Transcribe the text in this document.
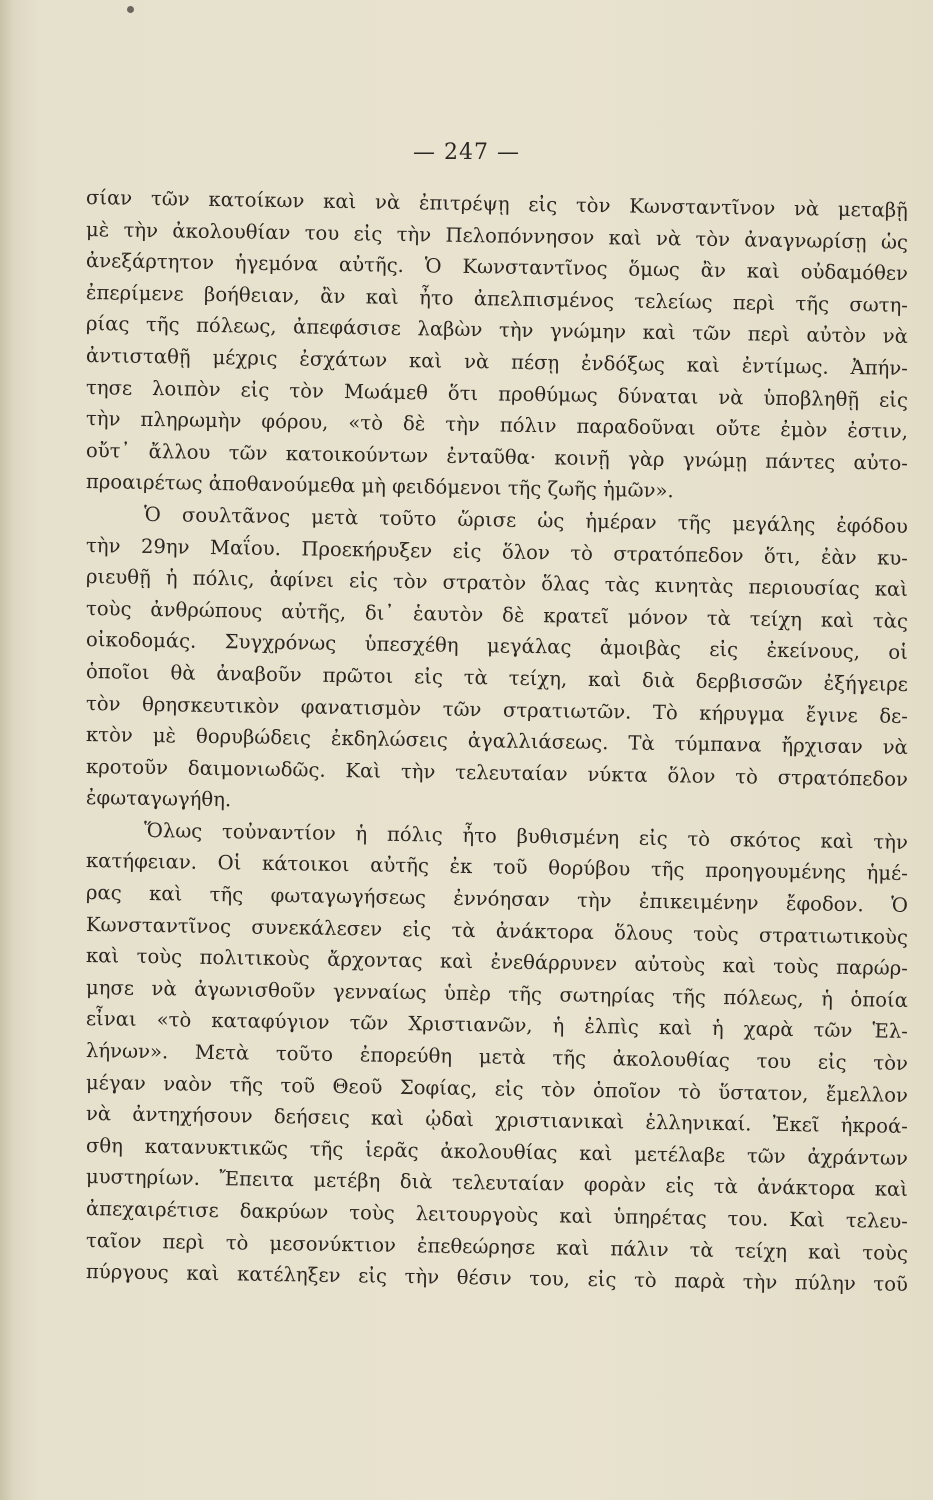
— 247 —
σίαν τῶν κατοίκων καὶ νὰ ἐπιτρέψῃ εἰς τὸν Κωνσταντῖνον νὰ μεταβῇ
μὲ τὴν ἀκολουθίαν του εἰς τὴν Πελοπόννησον καὶ νὰ τὸν ἀναγνωρίσῃ ὡς
ἀνεξάρτητον ἡγεμόνα αὐτῆς. Ὁ Κωνσταντῖνος ὅμως ἂν καὶ οὐδαμόθεν
ἐπερίμενε βοήθειαν, ἂν καὶ ἦτο ἀπελπισμένος τελείως περὶ τῆς σωτη-
ρίας τῆς πόλεως, ἀπεφάσισε λαβὼν τὴν γνώμην καὶ τῶν περὶ αὐτὸν νὰ
ἀντισταθῇ μέχρις ἐσχάτων καὶ νὰ πέσῃ ἐνδόξως καὶ ἐντίμως. Ἀπήν-
τησε λοιπὸν εἰς τὸν Μωάμεθ ὅτι προθύμως δύναται νὰ ὑποβληθῇ εἰς
τὴν πληρωμὴν φόρου, «τὸ δὲ τὴν πόλιν παραδοῦναι οὔτε ἐμὸν ἐστιν,
οὔτ᾽ ἄλλου τῶν κατοικούντων ἐνταῦθα· κοινῇ γὰρ γνώμῃ πάντες αὐτο-
προαιρέτως ἀποθανούμεθα μὴ φειδόμενοι τῆς ζωῆς ἡμῶν».
Ὁ σουλτᾶνος μετὰ τοῦτο ὥρισε ὡς ἡμέραν τῆς μεγάλης ἐφόδου
τὴν 29ην Μαΐου. Προεκήρυξεν εἰς ὅλον τὸ στρατόπεδον ὅτι, ἐὰν κυ-
ριευθῇ ἡ πόλις, ἀφίνει εἰς τὸν στρατὸν ὅλας τὰς κινητὰς περιουσίας καὶ
τοὺς ἀνθρώπους αὐτῆς, δι᾽ ἑαυτὸν δὲ κρατεῖ μόνον τὰ τείχη καὶ τὰς
οἰκοδομάς. Συγχρόνως ὑπεσχέθη μεγάλας ἀμοιβὰς εἰς ἐκείνους, οἱ
ὁποῖοι θὰ ἀναβοῦν πρῶτοι εἰς τὰ τείχη, καὶ διὰ δερβισσῶν ἐξήγειρε
τὸν θρησκευτικὸν φανατισμὸν τῶν στρατιωτῶν. Τὸ κήρυγμα ἔγινε δε-
κτὸν μὲ θορυβώδεις ἐκδηλώσεις ἀγαλλιάσεως. Τὰ τύμπανα ἤρχισαν νὰ
κροτοῦν δαιμονιωδῶς. Καὶ τὴν τελευταίαν νύκτα ὅλον τὸ στρατόπεδον
ἐφωταγωγήθη.
Ὅλως τοὐναντίον ἡ πόλις ἦτο βυθισμένη εἰς τὸ σκότος καὶ τὴν
κατήφειαν. Οἱ κάτοικοι αὐτῆς ἐκ τοῦ θορύβου τῆς προηγουμένης ἡμέ-
ρας καὶ τῆς φωταγωγήσεως ἐννόησαν τὴν ἐπικειμένην ἔφοδον. Ὁ
Κωνσταντῖνος συνεκάλεσεν εἰς τὰ ἀνάκτορα ὅλους τοὺς στρατιωτικοὺς
καὶ τοὺς πολιτικοὺς ἄρχοντας καὶ ἐνεθάρρυνεν αὐτοὺς καὶ τοὺς παρώρ-
μησε νὰ ἀγωνισθοῦν γενναίως ὑπὲρ τῆς σωτηρίας τῆς πόλεως, ἡ ὁποία
εἶναι «τὸ καταφύγιον τῶν Χριστιανῶν, ἡ ἐλπὶς καὶ ἡ χαρὰ τῶν Ἑλ-
λήνων». Μετὰ τοῦτο ἐπορεύθη μετὰ τῆς ἀκολουθίας του εἰς τὸν
μέγαν ναὸν τῆς τοῦ Θεοῦ Σοφίας, εἰς τὸν ὁποῖον τὸ ὕστατον, ἔμελλον
νὰ ἀντηχήσουν δεήσεις καὶ ᾠδαὶ χριστιανικαὶ ἑλληνικαί. Ἐκεῖ ἠκροά-
σθη κατανυκτικῶς τῆς ἱερᾶς ἀκολουθίας καὶ μετέλαβε τῶν ἀχράντων
μυστηρίων. Ἔπειτα μετέβη διὰ τελευταίαν φορὰν εἰς τὰ ἀνάκτορα καὶ
ἀπεχαιρέτισε δακρύων τοὺς λειτουργοὺς καὶ ὑπηρέτας του. Καὶ τελευ-
ταῖον περὶ τὸ μεσονύκτιον ἐπεθεώρησε καὶ πάλιν τὰ τείχη καὶ τοὺς
πύργους καὶ κατέληξεν εἰς τὴν θέσιν του, εἰς τὸ παρὰ τὴν πύλην τοῦ
